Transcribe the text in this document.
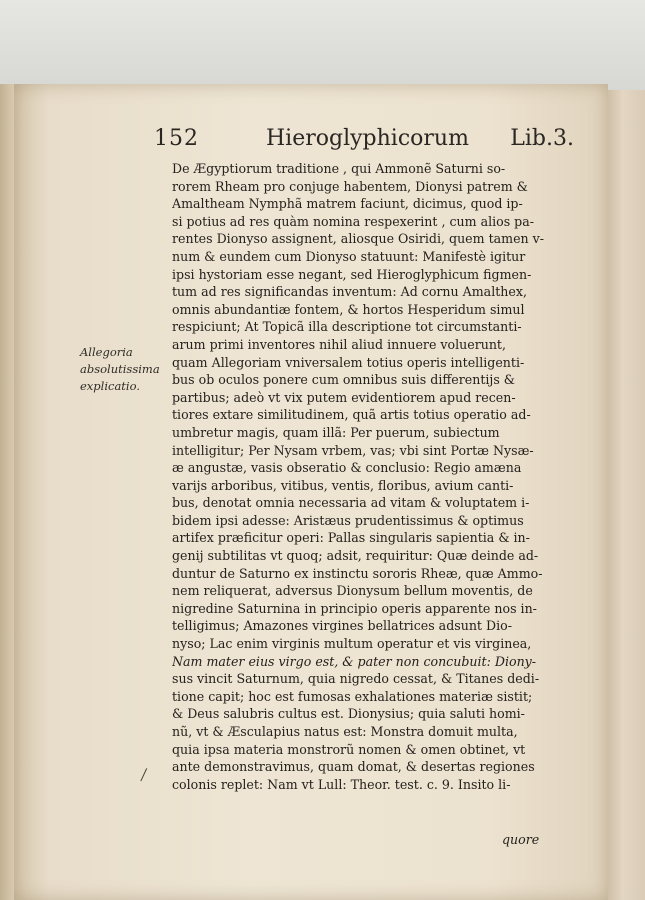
152	Hieroglyphicorum Lib.3.
Allegoria
absolutissima
explicatio.
De Ægyptiorum traditione , qui Ammonẽ Saturni so-
rorem Rheam pro conjuge habentem, Dionysi patrem &
Amaltheam Nymphã matrem faciunt, dicimus, quod ip-
si potius ad res quàm nomina respexerint , cum alios pa-
rentes Dionyso assignent, aliosque Osiridi, quem tamen v-
num & eundem cum Dionyso statuunt: Manifestè igitur
ipsi hystoriam esse negant, sed Hieroglyphicum figmen-
tum ad res significandas inventum: Ad cornu Amalthex,
omnis abundantiæ fontem, & hortos Hesperidum simul
respiciunt; At Topicã illa descriptione tot circumstanti-
arum primi inventores nihil aliud innuere voluerunt,
quam Allegoriam vniversalem totius operis intelligenti-
bus ob oculos ponere cum omnibus suis differentijs &
partibus; adeò vt vix putem evidentiorem apud recen-
tiores extare similitudinem, quã artis totius operatio ad-
umbretur magis, quam illã: Per puerum, subiectum
intelligitur; Per Nysam vrbem, vas; vbi sint Portæ Nysæ-
æ angustæ, vasis obseratio & conclusio: Regio amæna
varijs arboribus, vitibus, ventis, floribus, avium canti-
bus, denotat omnia necessaria ad vitam & voluptatem i-
bidem ipsi adesse: Aristæus prudentissimus & optimus
artifex præficitur operi: Pallas singularis sapientia & in-
genij subtilitas vt quoq; adsit, requiritur: Quæ deinde ad-
duntur de Saturno ex instinctu sororis Rheæ, quæ Ammo-
nem reliquerat, adversus Dionysum bellum moventis, de
nigredine Saturnina in principio operis apparente nos in-
telligimus; Amazones virgines bellatrices adsunt Dio-
nyso; Lac enim virginis multum operatur et vis virginea,
Nam mater eius virgo est, & pater non concubuit: Diony-
sus vincit Saturnum, quia nigredo cessat, & Titanes dedi-
tione capit; hoc est fumosas exhalationes materiæ sistit;
& Deus salubris cultus est. Dionysius; quia saluti homi-
nũ, vt & Æsculapius natus est: Monstra domuit multa,
quia ipsa materia monstrorũ nomen & omen obtinet, vt
ante demonstravimus, quam domat, & desertas regiones
colonis replet: Nam vt Lull: Theor. test. c. 9. Insito li-
quore
